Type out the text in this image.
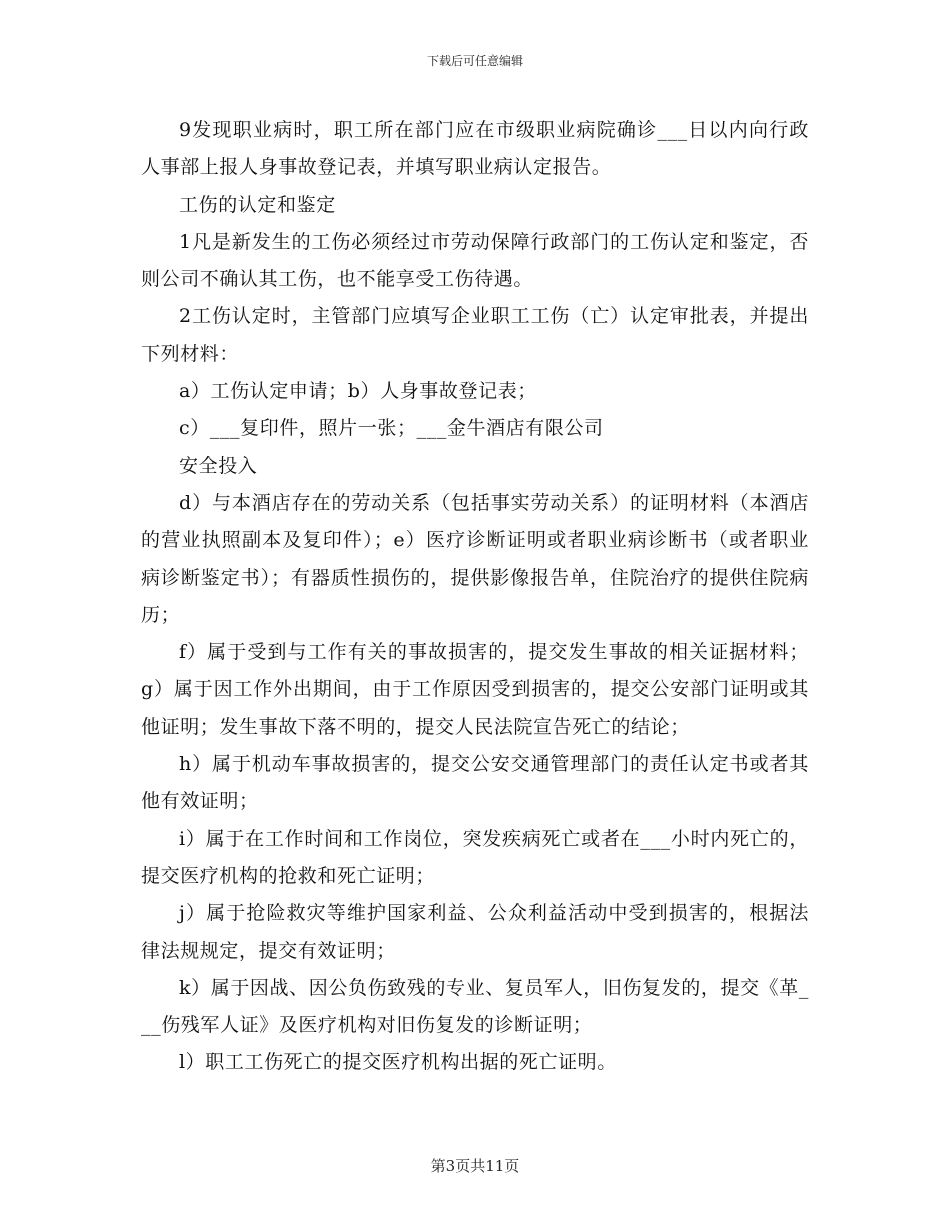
下载后可任意编辑

9发现职业病时，职工所在部门应在市级职业病院确诊___日以内向行政人事部上报人身事故登记表，并填写职业病认定报告。

工伤的认定和鉴定

1凡是新发生的工伤必须经过市劳动保障行政部门的工伤认定和鉴定，否则公司不确认其工伤，也不能享受工伤待遇。

2工伤认定时，主管部门应填写企业职工工伤（亡）认定审批表，并提出下列材料：

a）工伤认定申请；b）人身事故登记表；

c）___复印件，照片一张；___金牛酒店有限公司

安全投入

d）与本酒店存在的劳动关系（包括事实劳动关系）的证明材料（本酒店的营业执照副本及复印件）；e）医疗诊断证明或者职业病诊断书（或者职业病诊断鉴定书）；有器质性损伤的，提供影像报告单，住院治疗的提供住院病历；

f）属于受到与工作有关的事故损害的，提交发生事故的相关证据材料；g）属于因工作外出期间，由于工作原因受到损害的，提交公安部门证明或其他证明；发生事故下落不明的，提交人民法院宣告死亡的结论；

h）属于机动车事故损害的，提交公安交通管理部门的责任认定书或者其他有效证明；

i）属于在工作时间和工作岗位，突发疾病死亡或者在___小时内死亡的，提交医疗机构的抢救和死亡证明；

j）属于抢险救灾等维护国家利益、公众利益活动中受到损害的，根据法律法规规定，提交有效证明；

k）属于因战、因公负伤致残的专业、复员军人，旧伤复发的，提交《革___伤残军人证》及医疗机构对旧伤复发的诊断证明；

l）职工工伤死亡的提交医疗机构出据的死亡证明。

第3页共11页
